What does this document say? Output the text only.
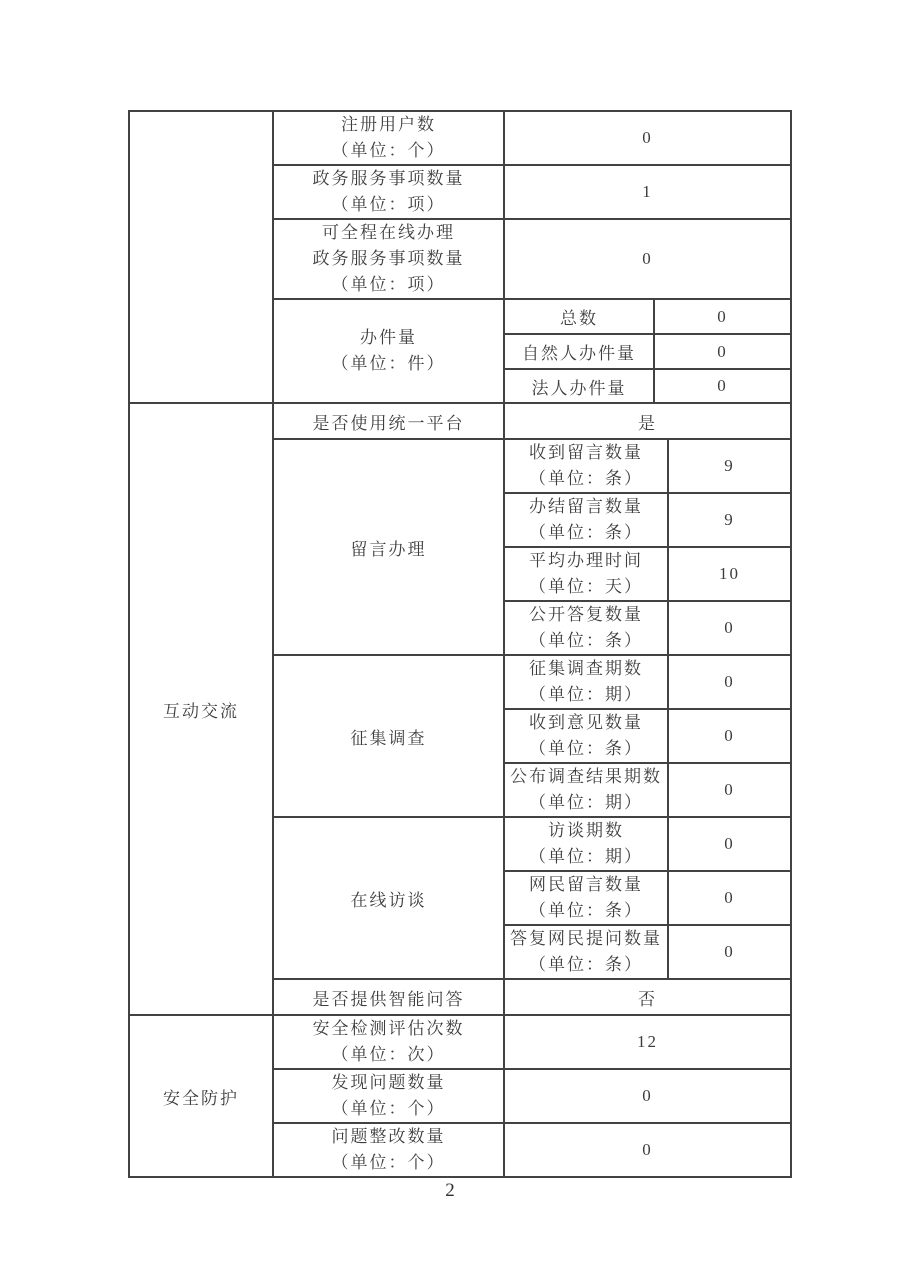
	注册用户数
（单位：个）	0		

	政务服务事项数量
（单位：项）	1		

	可全程在线办理
政务服务事项数量
（单位：项）	0		

	办件量
（单位：件）	总数	0	
		自然人办件量	0	
		法人办件量	0	
互动交流	是否使用统一平台	是		
	留言办理	收到留言数量
（单位：条）		9

		办结留言数量
（单位：条）		9

		平均办理时间
（单位：天）		10

		公开答复数量
（单位：条）		0
	征集调查	征集调查期数
（单位：期）		0

		收到意见数量
（单位：条）		0

		公布调查结果期数
（单位：期）		0
	在线访谈	访谈期数
（单位：期）		0

		网民留言数量
（单位：条）		0

		答复网民提问数量
（单位：条）		0
	是否提供智能问答	否		
安全防护	安全检测评估次数
（单位：次）	12		

	发现问题数量
（单位：个）	0		

	问题整改数量
（单位：个）	0		
2
